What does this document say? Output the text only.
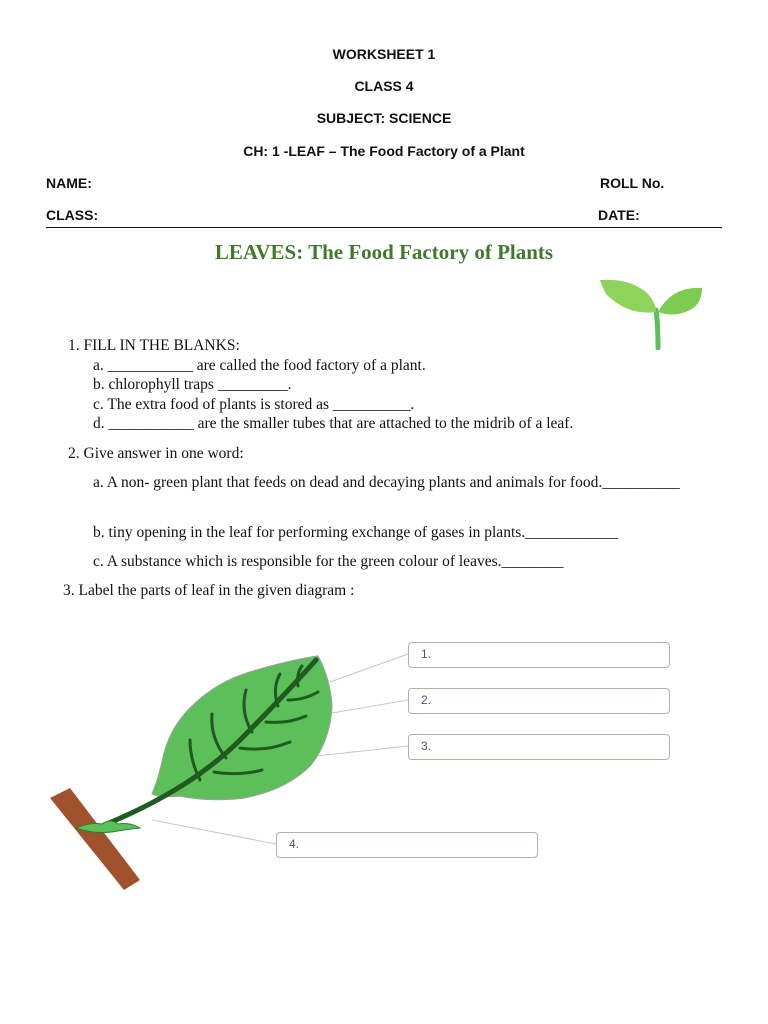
WORKSHEET 1
CLASS 4
SUBJECT: SCIENCE
CH: 1 -LEAF – The Food Factory of a Plant
NAME:	ROLL No.
CLASS:	DATE:
LEAVES: The Food Factory of Plants
1. FILL IN THE BLANKS:
a. ___________ are called the food factory of a plant.
b. chlorophyll traps _________.
c. The extra food of plants is stored as __________.
d. ___________ are the smaller tubes that are attached to the midrib of a leaf.
2. Give answer in one word:
a. A non- green plant that feeds on dead and decaying plants and animals for food.__________
b. tiny opening in the leaf for performing exchange of gases in plants.____________
c. A substance which is responsible for the green colour of leaves.________
3. Label the parts of leaf in the given diagram :
1.
2.
3.
4.
